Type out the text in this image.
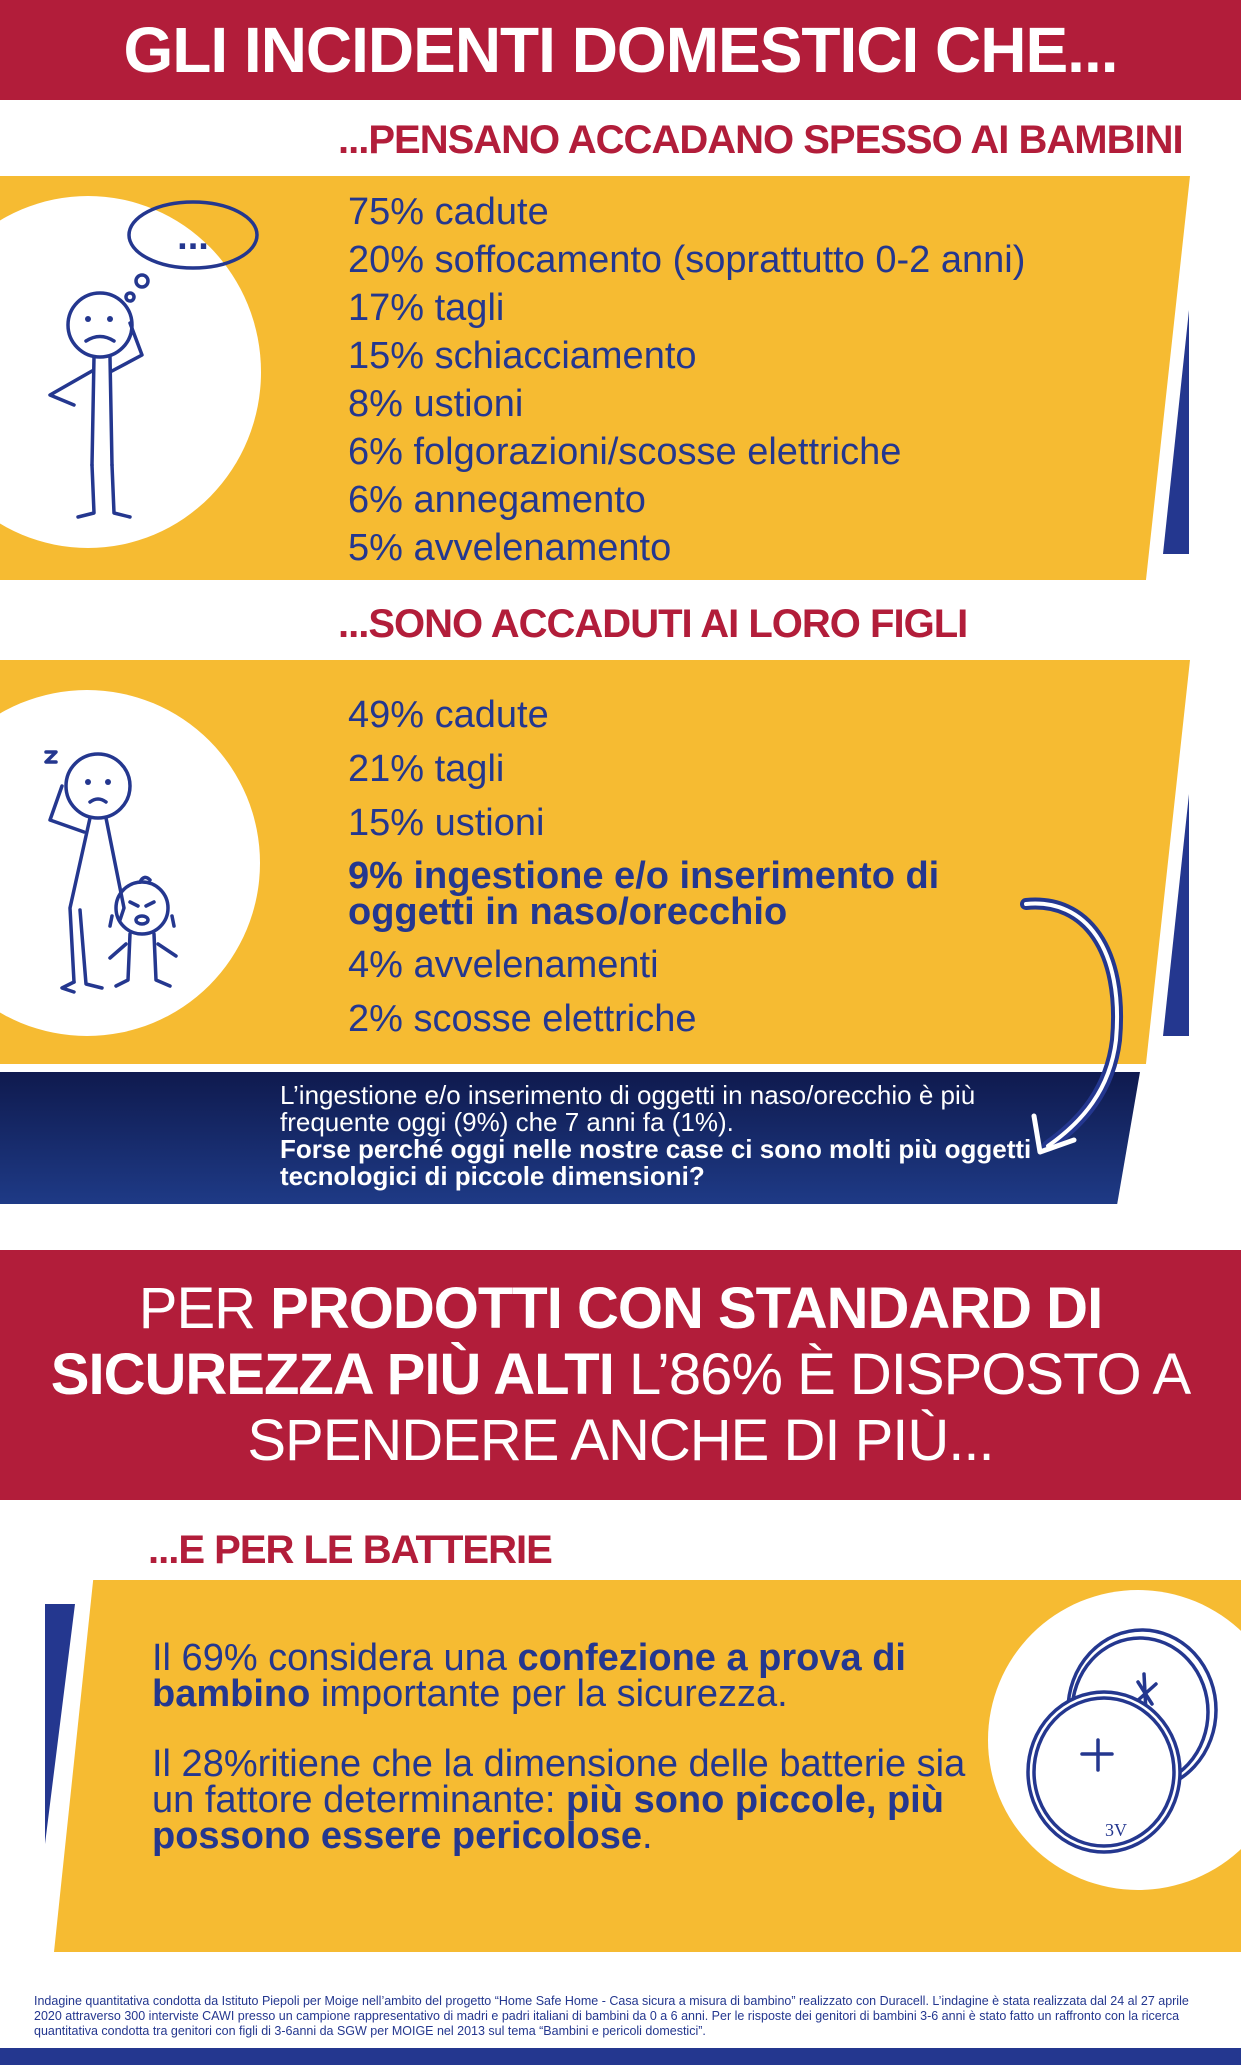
GLI INCIDENTI DOMESTICI CHE...
...PENSANO ACCADANO SPESSO AI BAMBINI
...
75% cadute
20% soffocamento (soprattutto 0-2 anni)
17% tagli
15% schiacciamento
8% ustioni
6% folgorazioni/scosse elettriche
6% annegamento
5% avvelenamento
...SONO ACCADUTI AI LORO FIGLI
49% cadute
21% tagli
15% ustioni
9% ingestione e/o inserimento di oggetti in naso/orecchio
4% avvelenamenti
2% scosse elettriche

L’ingestione e/o inserimento di oggetti in naso/orecchio è più frequente oggi (9%) che 7 anni fa (1%).
Forse perché oggi nelle nostre case ci sono molti più oggetti tecnologici di piccole dimensioni?

PER PRODOTTI CON STANDARD DI SICUREZZA PIÙ ALTI L’86% È DISPOSTO A SPENDERE ANCHE DI PIÙ...

...E PER LE BATTERIE
3V

Il 69% considera una confezione a prova di bambino importante per la sicurezza.

Il 28%ritiene che la dimensione delle batterie sia un fattore determinante: più sono piccole, più possono essere pericolose.

Indagine quantitativa condotta da Istituto Piepoli per Moige nell’ambito del progetto “Home Safe Home - Casa sicura a misura di bambino” realizzato con Duracell. L’indagine è stata realizzata dal 24 al 27 aprile 2020 attraverso 300 interviste CAWI presso un campione rappresentativo di madri e padri italiani di bambini da 0 a 6 anni. Per le risposte dei genitori di bambini 3-6 anni è stato fatto un raffronto con la ricerca quantitativa condotta tra genitori con figli di 3-6anni da SGW per MOIGE nel 2013 sul tema “Bambini e pericoli domestici”.
